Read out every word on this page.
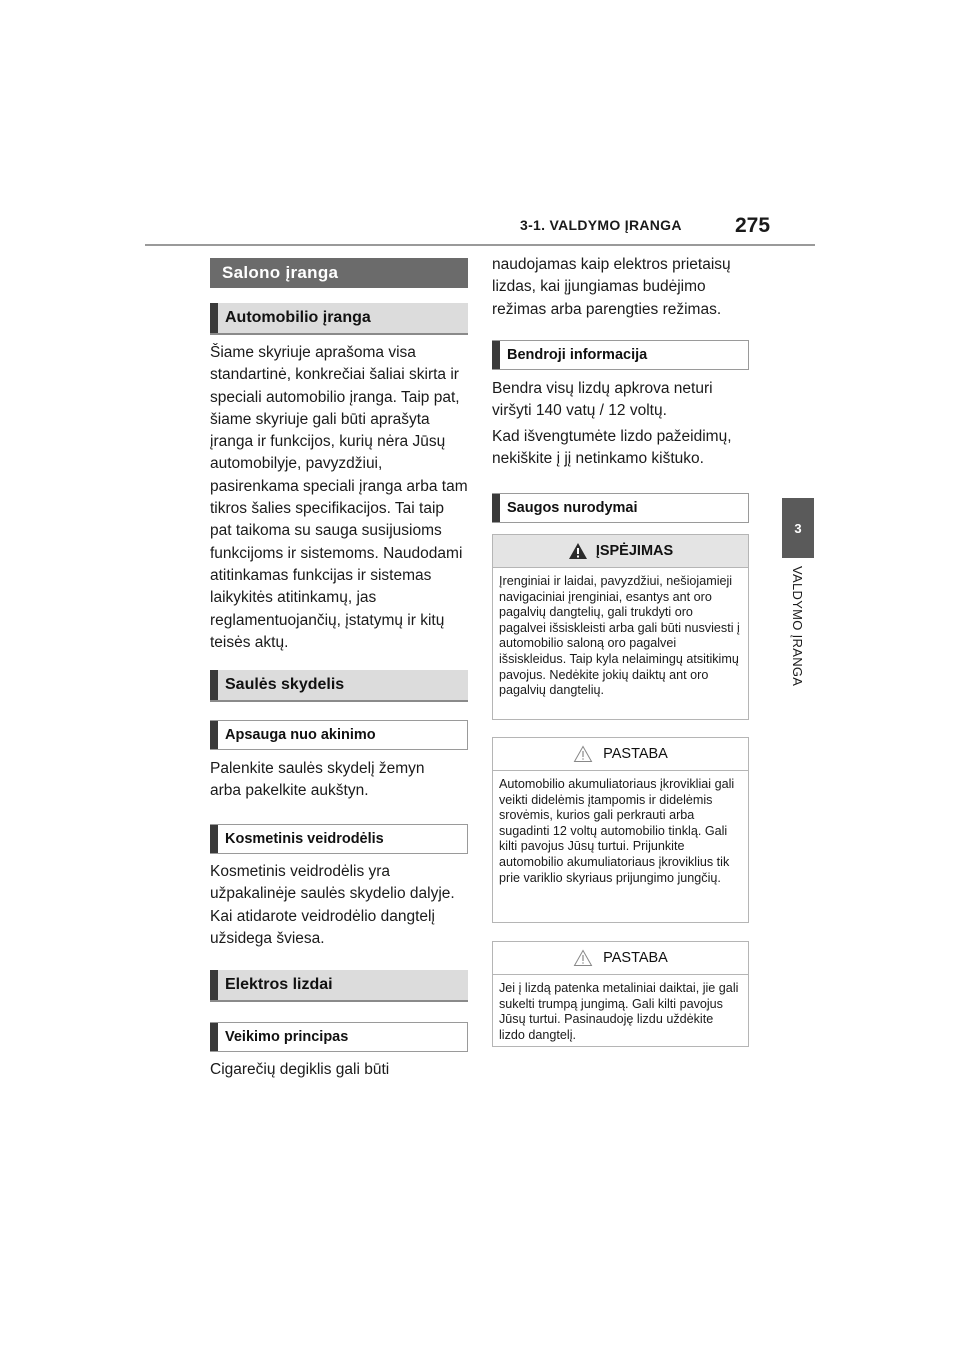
3-1. VALDYMO ĮRANGA	275
3
VALDYMO ĮRANGA
Salono įranga
Automobilio įranga

Šiame skyriuje aprašoma visa standartinė, konkrečiai šaliai skirta ir speciali automobilio įranga. Taip pat, šiame skyriuje gali būti aprašyta įranga ir funkcijos, kurių nėra Jūsų automobilyje, pavyzdžiui, pasirenkama speciali įranga arba tam tikros šalies specifikacijos. Tai taip pat taikoma su sauga susijusioms funkcijoms ir sistemoms. Naudodami atitinkamas funkcijas ir sistemas laikykitės atitinkamų, jas reglamentuojančių, įstatymų ir kitų teisės aktų.

Saulės skydelis
Apsauga nuo akinimo

Palenkite saulės skydelį žemyn arba pakelkite aukštyn.

Kosmetinis veidrodėlis

Kosmetinis veidrodėlis yra užpakalinėje saulės skydelio dalyje. Kai atidarote veidrodėlio dangtelį užsidega šviesa.

Elektros lizdai
Veikimo principas

Cigarečių degiklis gali būti

naudojamas kaip elektros prietaisų lizdas, kai įjungiamas budėjimo režimas arba parengties režimas.

Bendroji informacija

Bendra visų lizdų apkrova neturi viršyti 140 vatų / 12 voltų.

Kad išvengtumėte lizdo pažeidimų, nekiškite į jį netinkamo kištuko.

Saugos nurodymai
ĮSPĖJIMAS
Įrenginiai ir laidai, pavyzdžiui, nešiojamieji navigaciniai įrenginiai, esantys ant oro pagalvių dangtelių, gali trukdyti oro pagalvei išsiskleisti arba gali būti nusviesti į automobilio saloną oro pagalvei išsiskleidus. Taip kyla nelaimingų atsitikimų pavojus. Nedėkite jokių daiktų ant oro pagalvių dangtelių.
PASTABA
Automobilio akumuliatoriaus įkrovikliai gali veikti didelėmis įtampomis ir didelėmis srovėmis, kurios gali perkrauti arba sugadinti 12 voltų automobilio tinklą. Gali kilti pavojus Jūsų turtui. Prijunkite automobilio akumuliatoriaus įkroviklius tik prie variklio skyriaus prijungimo jungčių.
PASTABA
Jei į lizdą patenka metaliniai daiktai, jie gali sukelti trumpą jungimą. Gali kilti pavojus Jūsų turtui. Pasinaudoję lizdu uždėkite lizdo dangtelį.
